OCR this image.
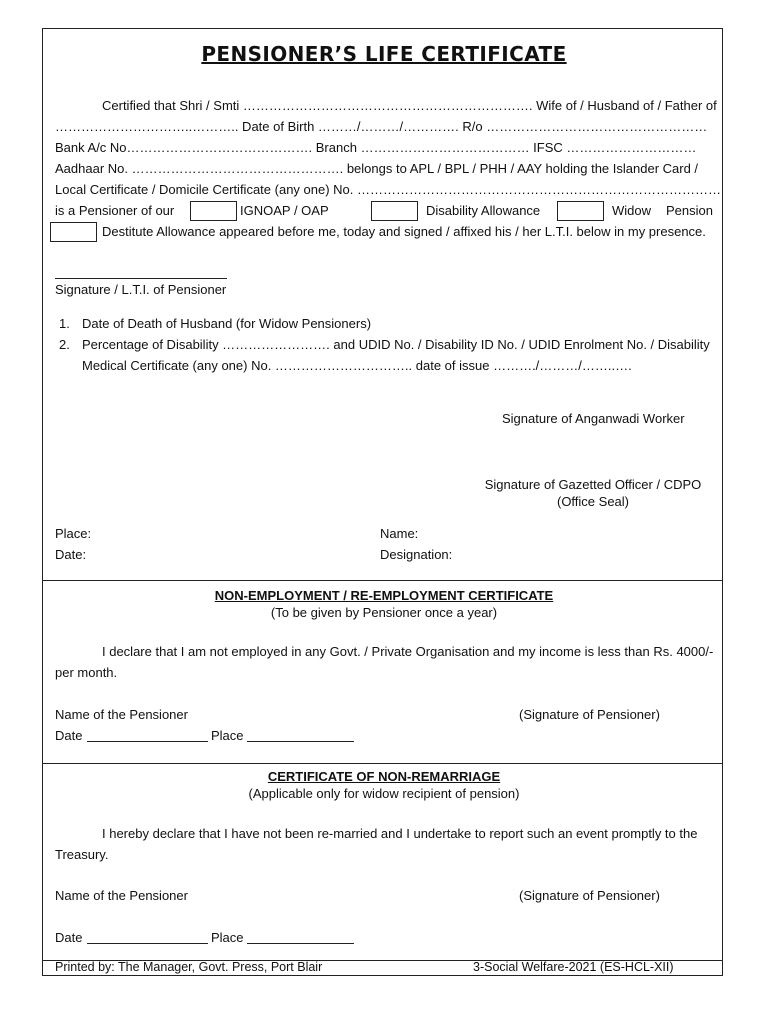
PENSIONER’S LIFE CERTIFICATE
Certified that Shri / Smti …………………………………………………………. Wife of / Husband of / Father of
…………………………..……….. Date of Birth ………/………/…………. R/o ……………………………………………
Bank A/c No……………………………………. Branch ………………………………… IFSC …………………………
Aadhaar No. …………………………………………. belongs to APL / BPL / PHH / AAY holding the Islander Card /
Local Certificate / Domicile Certificate (any one) No. …………………………………………………………………………
is a Pensioner of our	IGNOAP / OAP	Disability Allowance	Widow Pension
Destitute Allowance appeared before me, today and signed / affixed his / her L.T.I. below in my presence.
Signature / L.T.I. of Pensioner
1. Date of Death of Husband (for Widow Pensioners)
2. Percentage of Disability ……………………. and UDID No. / Disability ID No. / UDID Enrolment No. / Disability
Medical Certificate (any one) No. ………………………….. date of issue ………./………/……..….
Signature of Anganwadi Worker
Signature of Gazetted Officer / CDPO
(Office Seal)
Place:
Date:
Name:
Designation:
NON-EMPLOYMENT / RE-EMPLOYMENT CERTIFICATE
(To be given by Pensioner once a year)
I declare that I am not employed in any Govt. / Private Organisation and my income is less than Rs. 4000/-
per month.
Name of the Pensioner	(Signature of Pensioner)
Date	Place
CERTIFICATE OF NON-REMARRIAGE
(Applicable only for widow recipient of pension)
I hereby declare that I have not been re-married and I undertake to report such an event promptly to the
Treasury.
Name of the Pensioner	(Signature of Pensioner)
Date	Place
Printed by: The Manager, Govt. Press, Port Blair	3-Social Welfare-2021 (ES-HCL-XII)
